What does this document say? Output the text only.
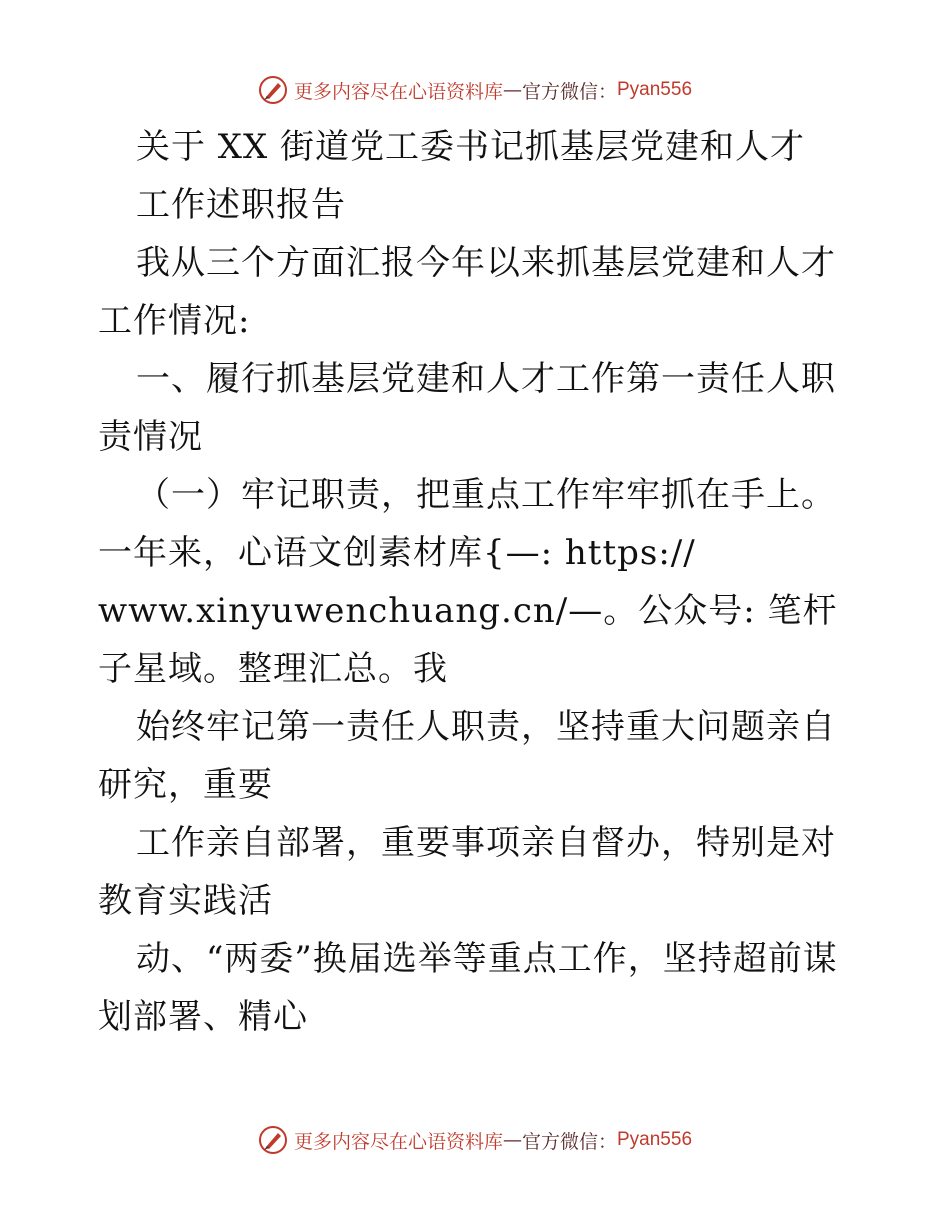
更多内容尽在心语资料库 — 官方微信： Pyan556

关于 XX 街道党工委书记抓基层党建和人才

工作述职报告

我从三个方面汇报今年以来抓基层党建和人才工作情况:

一、履行抓基层党建和人才工作第一责任人职责情况

（一）牢记职责，把重点工作牢牢抓在手上。一年来，心语文创素材库{—: https://

www.xinyuwenchuang.cn/—。公众号: 笔杆子星域。整理汇总。我

始终牢记第一责任人职责，坚持重大问题亲自研究，重要

工作亲自部署，重要事项亲自督办，特别是对教育实践活

动、“两委”换届选举等重点工作，坚持超前谋划部署、精心

更多内容尽在心语资料库 — 官方微信： Pyan556
